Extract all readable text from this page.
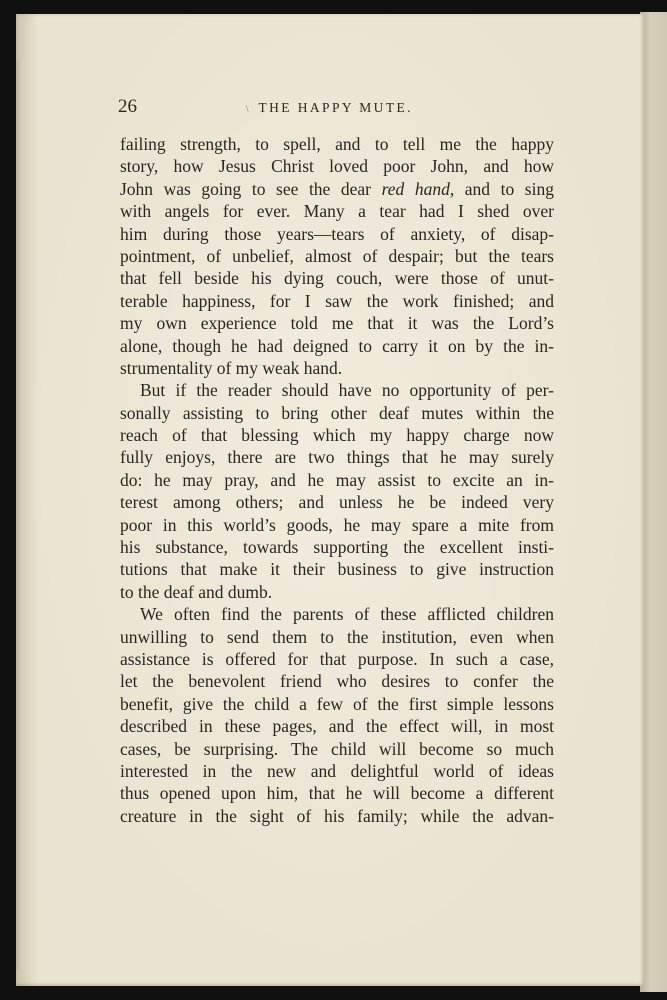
26	\ THE HAPPY MUTE.
failing strength, to spell, and to tell me the happy
story, how Jesus Christ loved poor John, and how
John was going to see the dear red hand, and to sing
with angels for ever. Many a tear had I shed over
him during those years—tears of anxiety, of disap-
pointment, of unbelief, almost of despair; but the tears
that fell beside his dying couch, were those of unut-
terable happiness, for I saw the work finished; and
my own experience told me that it was the Lord’s
alone, though he had deigned to carry it on by the in-
strumentality of my weak hand.
But if the reader should have no opportunity of per-
sonally assisting to bring other deaf mutes within the
reach of that blessing which my happy charge now
fully enjoys, there are two things that he may surely
do: he may pray, and he may assist to excite an in-
terest among others; and unless he be indeed very
poor in this world’s goods, he may spare a mite from
his substance, towards supporting the excellent insti-
tutions that make it their business to give instruction
to the deaf and dumb.
We often find the parents of these afflicted children
unwilling to send them to the institution, even when
assistance is offered for that purpose. In such a case,
let the benevolent friend who desires to confer the
benefit, give the child a few of the first simple lessons
described in these pages, and the effect will, in most
cases, be surprising. The child will become so much
interested in the new and delightful world of ideas
thus opened upon him, that he will become a different
creature in the sight of his family; while the advan-
